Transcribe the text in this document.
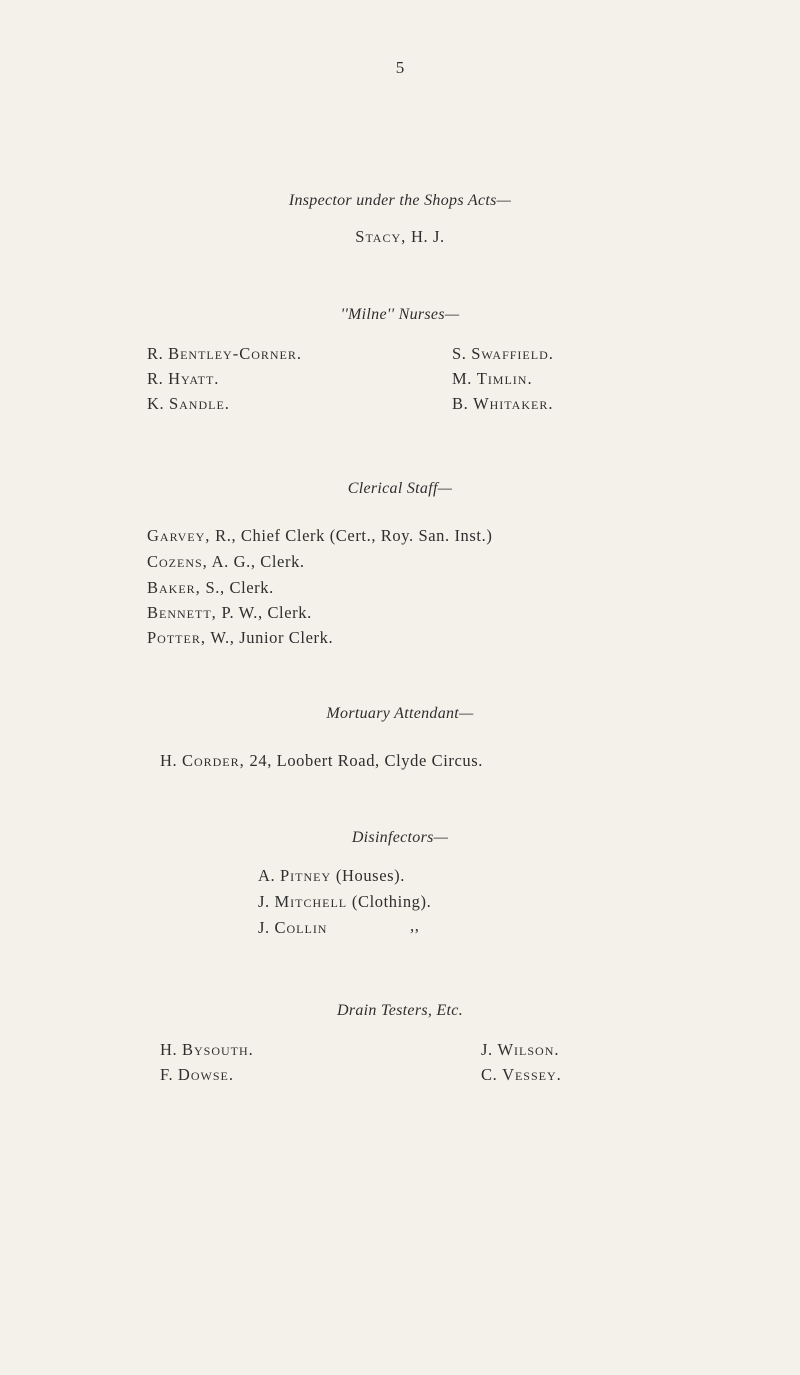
5
Inspector under the Shops Acts—
Stacy, H. J.
''Milne'' Nurses—
R. Bentley-Corner.
R. Hyatt.
K. Sandle.
S. Swaffield.
M. Timlin.
B. Whitaker.
Clerical Staff—
Garvey, R., Chief Clerk (Cert., Roy. San. Inst.)
Cozens, A. G., Clerk.
Baker, S., Clerk.
Bennett, P. W., Clerk.
Potter, W., Junior Clerk.
Mortuary Attendant—
H. Corder, 24, Loobert Road, Clyde Circus.
Disinfectors—
A. Pitney (Houses).
J. Mitchell (Clothing).
J. Collin	,,
Drain Testers, Etc.
H. Bysouth.
F. Dowse.
J. Wilson.
C. Vessey.
